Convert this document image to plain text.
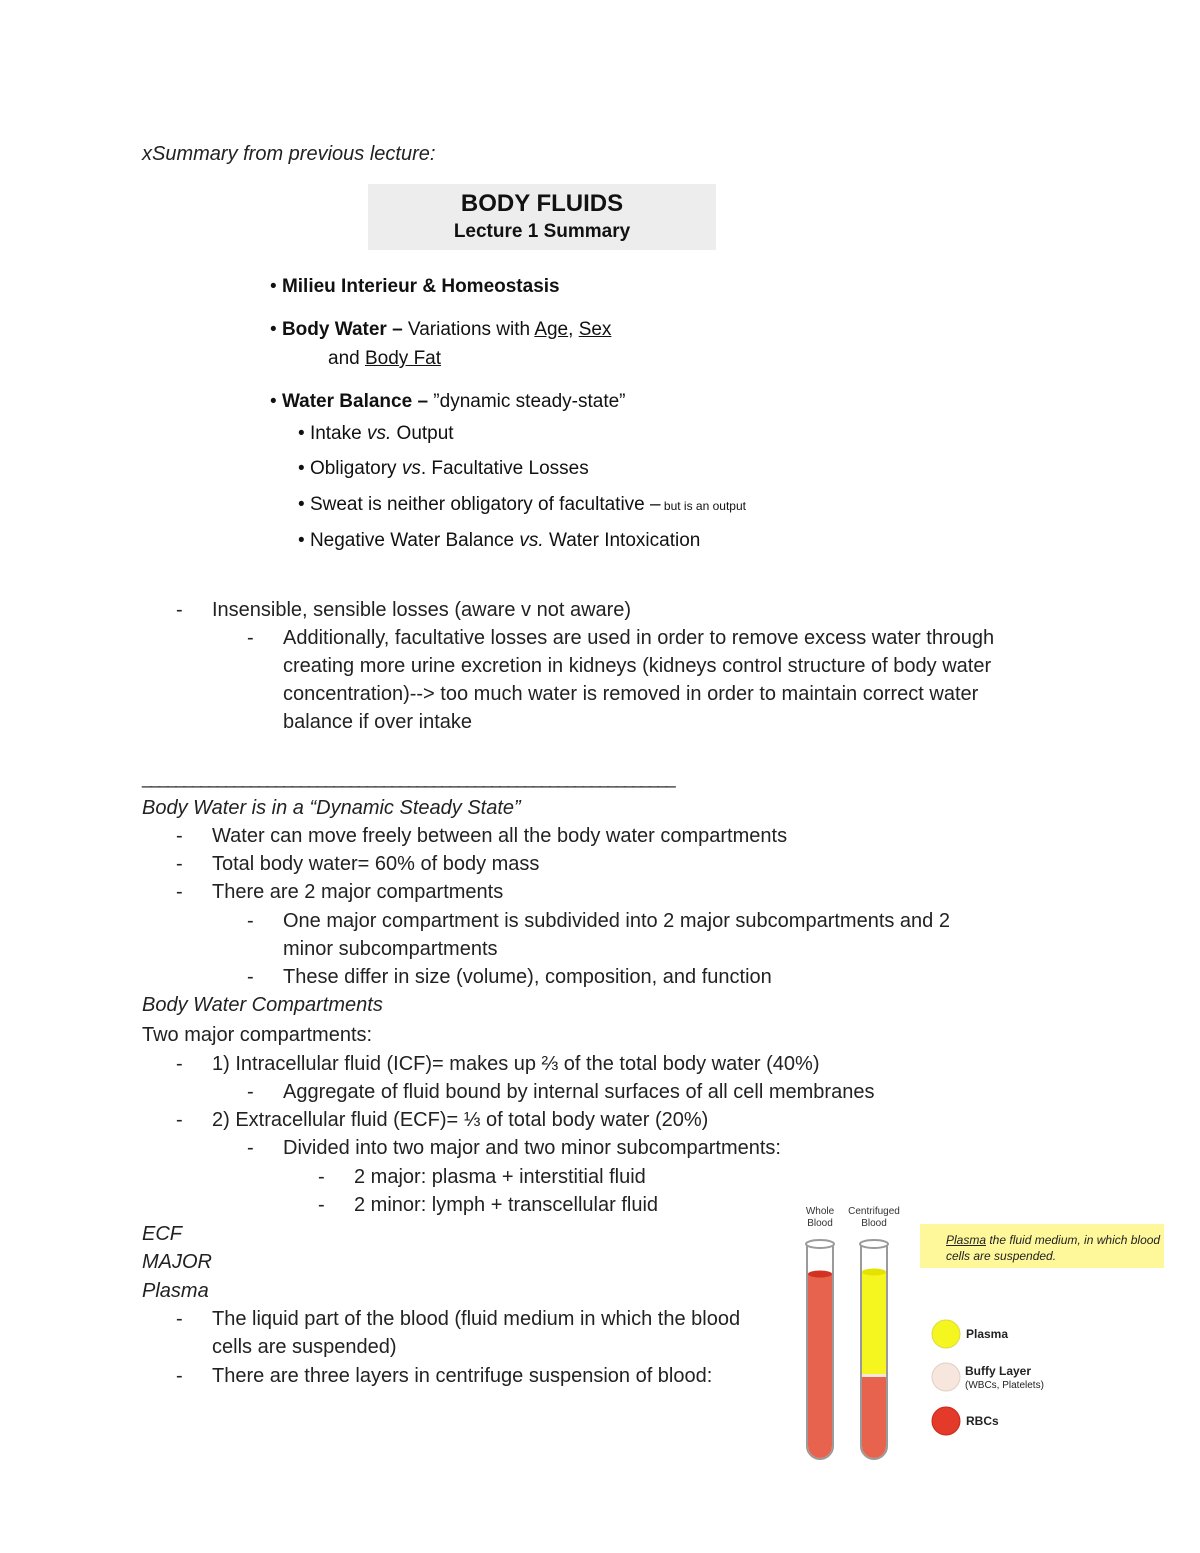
xSummary from previous lecture:
BODY FLUIDS
Lecture 1 Summary
• Milieu Interieur & Homeostasis
• Body Water – Variations with Age, Sex
and Body Fat
• Water Balance – ”dynamic steady-state”
• Intake vs. Output
• Obligatory vs. Facultative Losses
• Sweat is neither obligatory of facultative – but is an output
• Negative Water Balance vs. Water Intoxication
- Insensible, sensible losses (aware v not aware)
- Additionally, facultative losses are used in order to remove excess water through
creating more urine excretion in kidneys (kidneys control structure of body water
concentration)--> too much water is removed in order to maintain correct water
balance if over intake
________________________________________________________________
Body Water is in a “Dynamic Steady State”
- Water can move freely between all the body water compartments
- Total body water= 60% of body mass
- There are 2 major compartments
- One major compartment is subdivided into 2 major subcompartments and 2
minor subcompartments
- These differ in size (volume), composition, and function
Body Water Compartments
Two major compartments:
- 1) Intracellular fluid (ICF)= makes up ⅔ of the total body water (40%)
- Aggregate of fluid bound by internal surfaces of all cell membranes
- 2) Extracellular fluid (ECF)= ⅓ of total body water (20%)
- Divided into two major and two minor subcompartments:
- 2 major: plasma + interstitial fluid
- 2 minor: lymph + transcellular fluid
ECF
MAJOR
Plasma
- The liquid part of the blood (fluid medium in which the blood
cells are suspended)
- There are three layers in centrifuge suspension of blood:
Whole
Blood
Centrifuged
Blood
Plasma the fluid medium, in which blood cells are suspended.
Plasma
Buffy Layer
(WBCs, Platelets)
RBCs
